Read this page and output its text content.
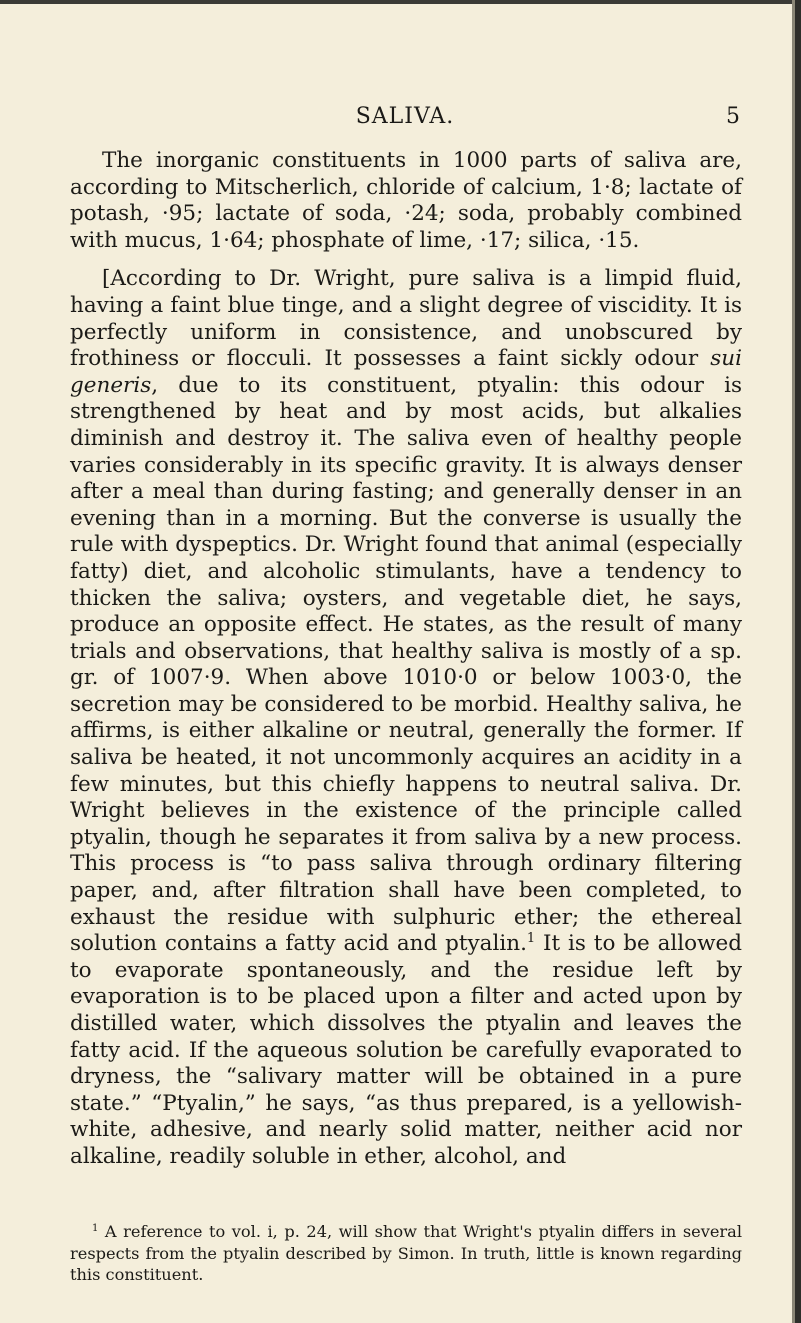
SALIVA.	5

The inorganic constituents in 1000 parts of saliva are, according to Mitscherlich, chloride of calcium, 1·8; lactate of potash, ·95; lactate of soda, ·24; soda, probably combined with mucus, 1·64; phosphate of lime, ·17; silica, ·15.

[According to Dr. Wright, pure saliva is a limpid fluid, having a faint blue tinge, and a slight degree of viscidity. It is perfectly uniform in consistence, and unobscured by frothiness or flocculi. It possesses a faint sickly odour sui generis, due to its constituent, ptyalin: this odour is strengthened by heat and by most acids, but alkalies diminish and destroy it. The saliva even of healthy people varies considerably in its specific gravity. It is always denser after a meal than during fasting; and generally denser in an evening than in a morning. But the converse is usually the rule with dyspeptics. Dr. Wright found that animal (especially fatty) diet, and alcoholic stimulants, have a tendency to thicken the saliva; oysters, and vegetable diet, he says, produce an opposite effect. He states, as the result of many trials and observations, that healthy saliva is mostly of a sp. gr. of 1007·9. When above 1010·0 or below 1003·0, the secretion may be considered to be morbid. Healthy saliva, he affirms, is either alkaline or neutral, generally the former. If saliva be heated, it not uncommonly acquires an acidity in a few minutes, but this chiefly happens to neutral saliva. Dr. Wright believes in the existence of the principle called ptyalin, though he separates it from saliva by a new process. This process is “to pass saliva through ordinary filtering paper, and, after filtration shall have been completed, to exhaust the residue with sulphuric ether; the ethereal solution contains a fatty acid and ptyalin.$^1$ It is to be allowed to evaporate spontaneously, and the residue left by evaporation is to be placed upon a filter and acted upon by distilled water, which dissolves the ptyalin and leaves the fatty acid. If the aqueous solution be carefully evaporated to dryness, the “salivary matter will be obtained in a pure state.” “Ptyalin,” he says, “as thus prepared, is a yellowish-white, adhesive, and nearly solid matter, neither acid nor alkaline, readily soluble in ether, alcohol, and

$^1$ A reference to vol. i, p. 24, will show that Wright's ptyalin differs in several respects from the ptyalin described by Simon. In truth, little is known regarding this constituent.
